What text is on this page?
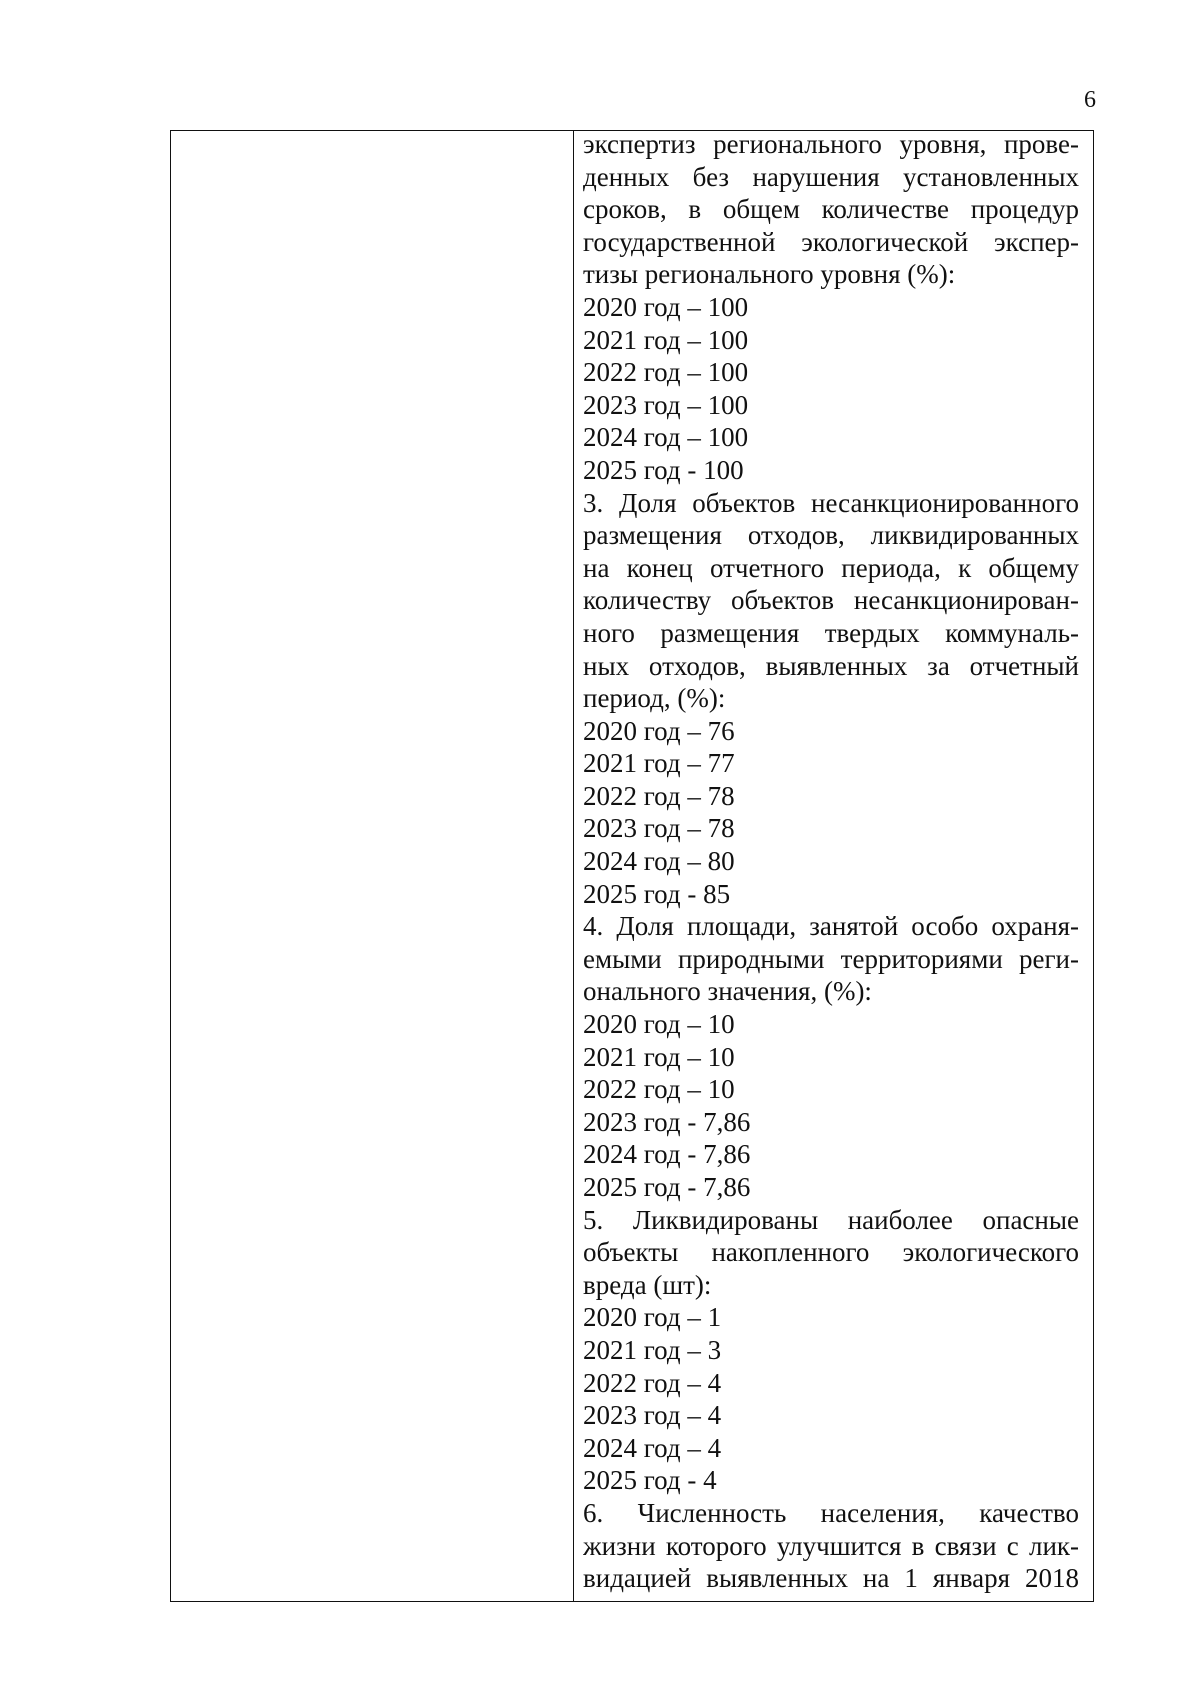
6
экспертиз регионального уровня, прове-
денных без нарушения установленных
сроков, в общем количестве процедур
государственной экологической экспер-
тизы регионального уровня (%):
2020 год – 100
2021 год – 100
2022 год – 100
2023 год – 100
2024 год – 100
2025 год - 100
3. Доля объектов несанкционированного
размещения отходов, ликвидированных
на конец отчетного периода, к общему
количеству объектов несанкционирован-
ного размещения твердых коммуналь-
ных отходов, выявленных за отчетный
период, (%):
2020 год – 76
2021 год – 77
2022 год – 78
2023 год – 78
2024 год – 80
2025 год - 85
4. Доля площади, занятой особо охраня-
емыми природными территориями реги-
онального значения, (%):
2020 год – 10
2021 год – 10
2022 год – 10
2023 год - 7,86
2024 год - 7,86
2025 год - 7,86
5. Ликвидированы наиболее опасные
объекты накопленного экологического
вреда (шт):
2020 год – 1
2021 год – 3
2022 год – 4
2023 год – 4
2024 год – 4
2025 год - 4
6. Численность населения, качество
жизни которого улучшится в связи с лик-
видацией выявленных на 1 января 2018
